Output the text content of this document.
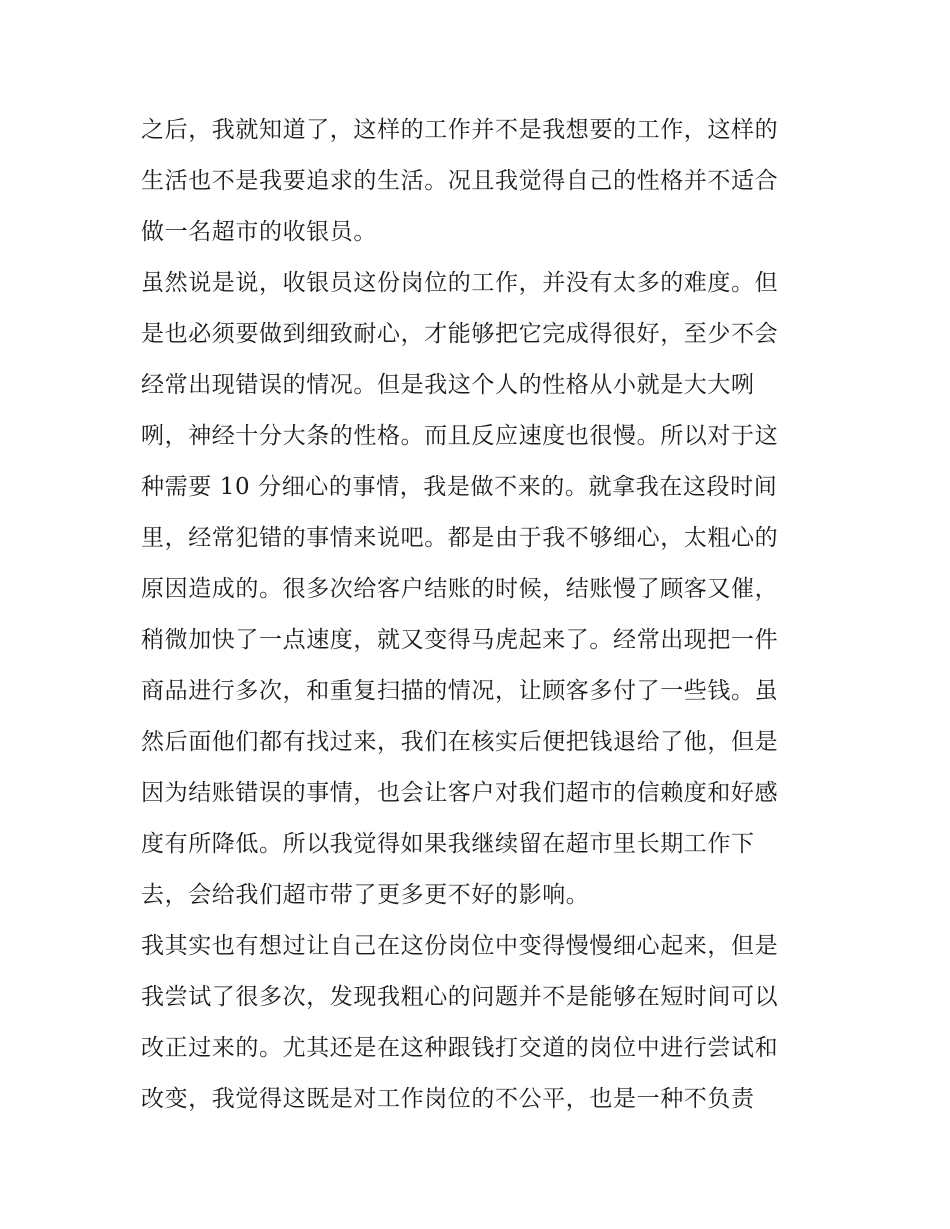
之后，我就知道了，这样的工作并不是我想要的工作，这样的
生活也不是我要追求的生活。况且我觉得自己的性格并不适合
做一名超市的收银员。
虽然说是说，收银员这份岗位的工作，并没有太多的难度。但
是也必须要做到细致耐心，才能够把它完成得很好，至少不会
经常出现错误的情况。但是我这个人的性格从小就是大大咧
咧，神经十分大条的性格。而且反应速度也很慢。所以对于这
种需要 10 分细心的事情，我是做不来的。就拿我在这段时间
里，经常犯错的事情来说吧。都是由于我不够细心，太粗心的
原因造成的。很多次给客户结账的时候，结账慢了顾客又催，
稍微加快了一点速度，就又变得马虎起来了。经常出现把一件
商品进行多次，和重复扫描的情况，让顾客多付了一些钱。虽
然后面他们都有找过来，我们在核实后便把钱退给了他，但是
因为结账错误的事情，也会让客户对我们超市的信赖度和好感
度有所降低。所以我觉得如果我继续留在超市里长期工作下
去，会给我们超市带了更多更不好的影响。
我其实也有想过让自己在这份岗位中变得慢慢细心起来，但是
我尝试了很多次，发现我粗心的问题并不是能够在短时间可以
改正过来的。尤其还是在这种跟钱打交道的岗位中进行尝试和
改变，我觉得这既是对工作岗位的不公平，也是一种不负责
